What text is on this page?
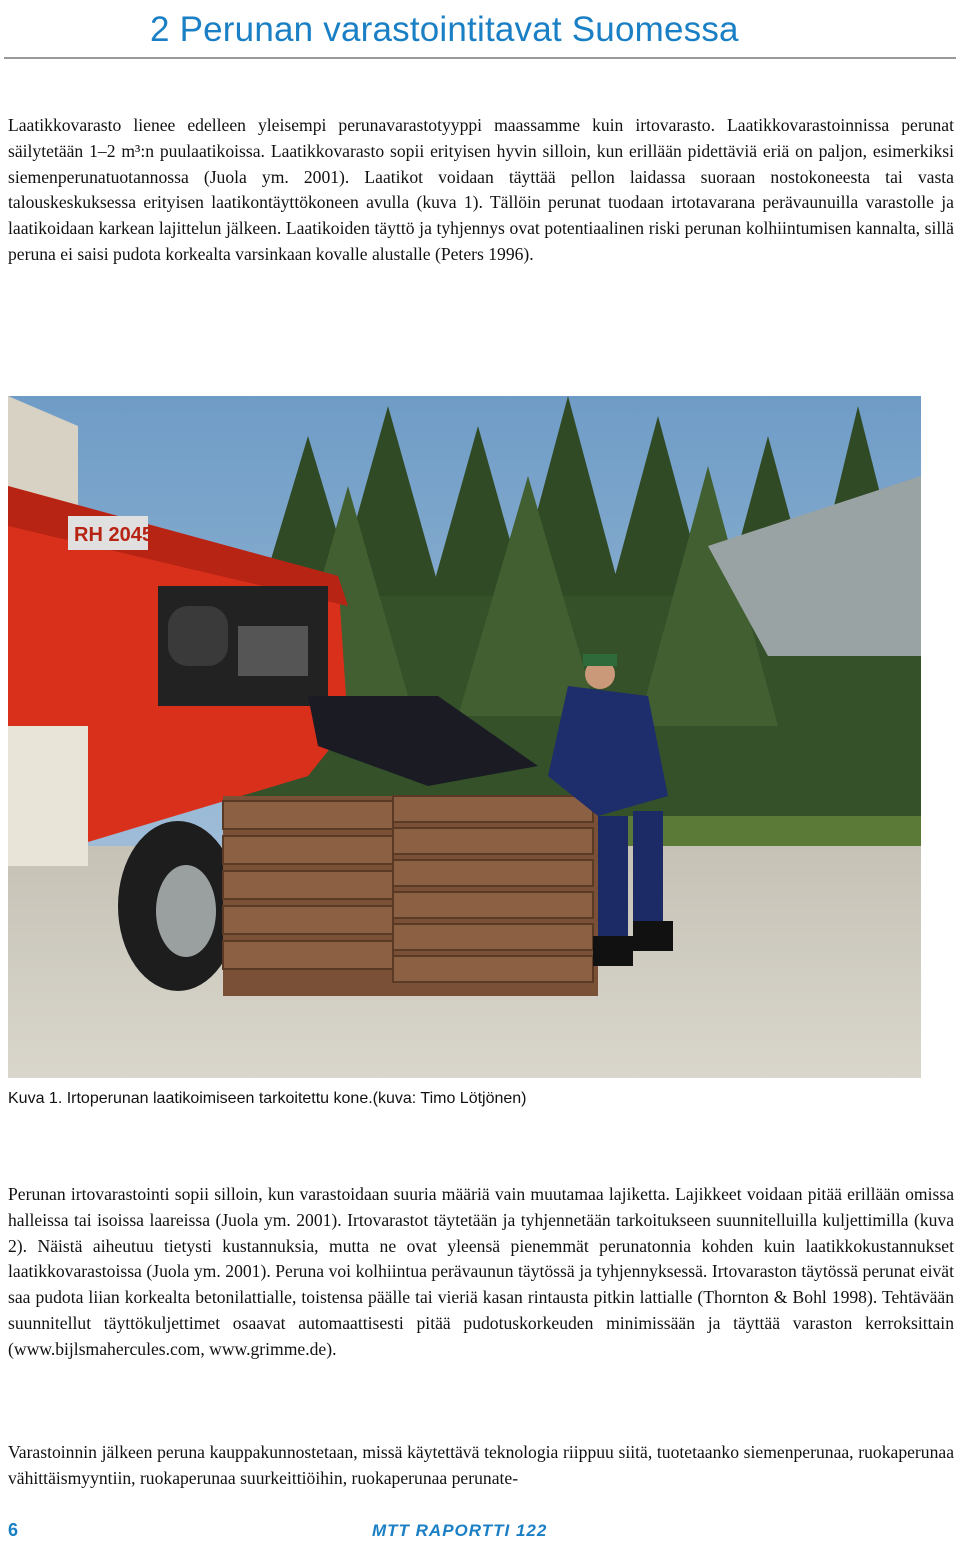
2 Perunan varastointitavat Suomessa

Laatikkovarasto lienee edelleen yleisempi perunavarastotyyppi maassamme kuin irtovarasto. Laatikkovarastoinnissa perunat säilytetään 1–2 m³:n puulaatikoissa. Laatikkovarasto sopii erityisen hyvin silloin, kun erillään pidettäviä eriä on paljon, esimerkiksi siemenperunatuotannossa (Juola ym. 2001). Laatikot voidaan täyttää pellon laidassa suoraan nostokoneesta tai vasta talouskeskuksessa erityisen laatikontäyttökoneen avulla (kuva 1). Tällöin perunat tuodaan irtotavarana perävaunuilla varastolle ja laatikoidaan karkean lajittelun jälkeen. Laatikoiden täyttö ja tyhjennys ovat potentiaalinen riski perunan kolhiintumisen kannalta, sillä peruna ei saisi pudota korkealta varsinkaan kovalle alustalle (Peters 1996).

RH 2045

Kuva 1. Irtoperunan laatikoimiseen tarkoitettu kone.(kuva: Timo Lötjönen)

Perunan irtovarastointi sopii silloin, kun varastoidaan suuria määriä vain muutamaa lajiketta. Lajikkeet voidaan pitää erillään omissa halleissa tai isoissa laareissa (Juola ym. 2001). Irtovarastot täytetään ja tyhjennetään tarkoitukseen suunnitelluilla kuljettimilla (kuva 2). Näistä aiheutuu tietysti kustannuksia, mutta ne ovat yleensä pienemmät perunatonnia kohden kuin laatikkokustannukset laatikkovarastoissa (Juola ym. 2001). Peruna voi kolhiintua perävaunun täytössä ja tyhjennyksessä. Irtovaraston täytössä perunat eivät saa pudota liian korkealta betonilattialle, toistensa päälle tai vieriä kasan rintausta pitkin lattialle (Thornton & Bohl 1998). Tehtävään suunnitellut täyttökuljettimet osaavat automaattisesti pitää pudotuskorkeuden minimissään ja täyttää varaston kerroksittain (www.bijlsmahercules.com, www.grimme.de).

Varastoinnin jälkeen peruna kauppakunnostetaan, missä käytettävä teknologia riippuu siitä, tuotetaanko siemenperunaa, ruokaperunaa vähittäismyyntiin, ruokaperunaa suurkeittiöihin, ruokaperunaa perunate-

6	MTT RAPORTTI 122
